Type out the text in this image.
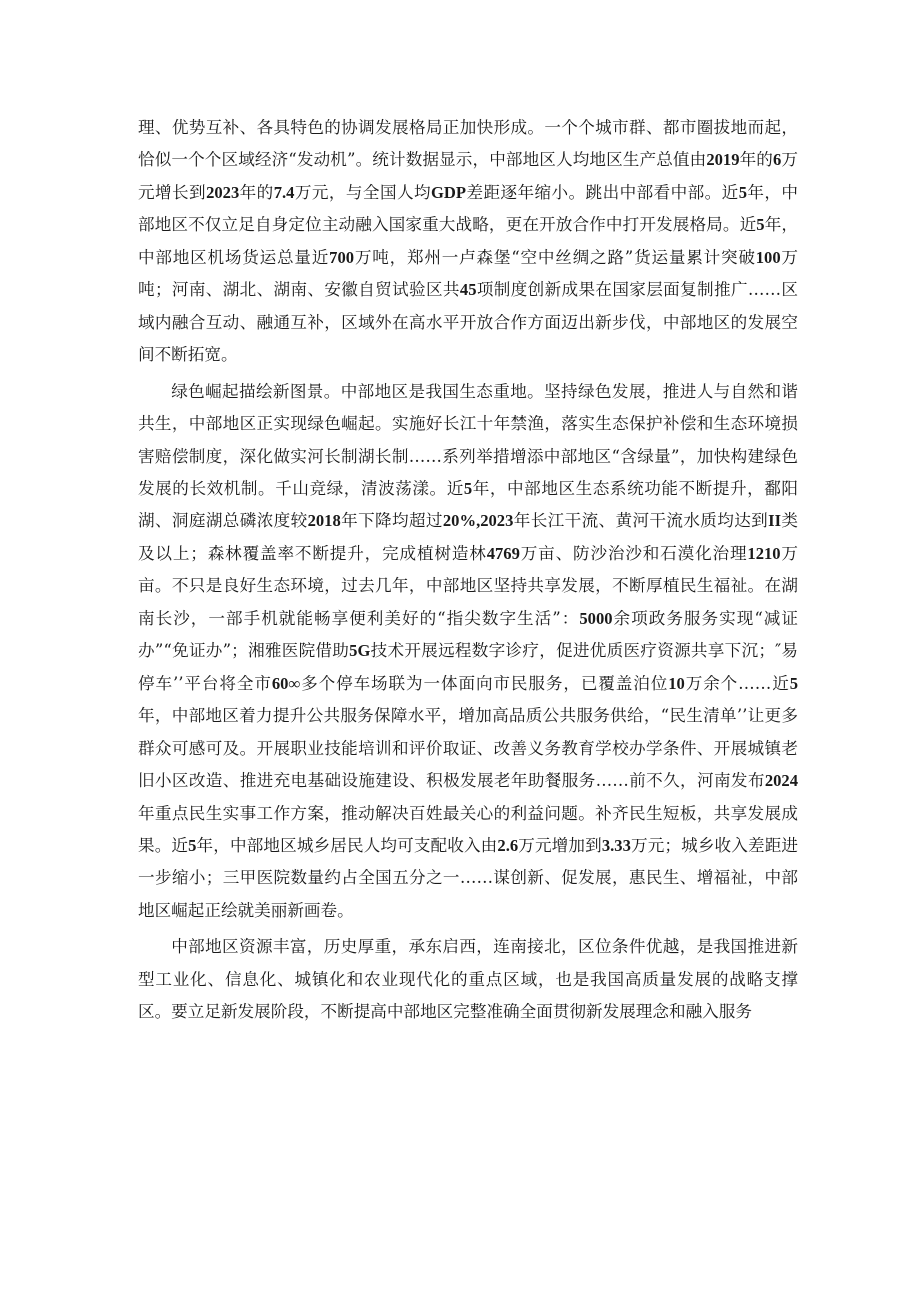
理、优势互补、各具特色的协调发展格局正加快形成。一个个城市群、都市圈拔地而起，恰似一个个区域经济“发动机”。统计数据显示，中部地区人均地区生产总值由2019年的6万元增长到2023年的7.4万元，与全国人均GDP差距逐年缩小。跳出中部看中部。近5年，中部地区不仅立足自身定位主动融入国家重大战略，更在开放合作中打开发展格局。近5年，中部地区机场货运总量近700万吨，郑州一卢森堡“空中丝绸之路”货运量累计突破100万吨；河南、湖北、湖南、安徽自贸试验区共45项制度创新成果在国家层面复制推广……区域内融合互动、融通互补，区域外在高水平开放合作方面迈出新步伐，中部地区的发展空间不断拓宽。

绿色崛起描绘新图景。中部地区是我国生态重地。坚持绿色发展，推进人与自然和谐共生，中部地区正实现绿色崛起。实施好长江十年禁渔，落实生态保护补偿和生态环境损害赔偿制度，深化做实河长制湖长制……系列举措增添中部地区“含绿量”，加快构建绿色发展的长效机制。千山竞绿，清波荡漾。近5年，中部地区生态系统功能不断提升，鄱阳湖、洞庭湖总磷浓度较2018年下降均超过20%,2023年长江干流、黄河干流水质均达到II类及以上；森林覆盖率不断提升，完成植树造林4769万亩、防沙治沙和石漠化治理1210万亩。不只是良好生态环境，过去几年，中部地区坚持共享发展，不断厚植民生福祉。在湖南长沙，一部手机就能畅享便利美好的“指尖数字生活”：5000余项政务服务实现“减证办”“免证办”；湘雅医院借助5G技术开展远程数字诊疗，促进优质医疗资源共享下沉；″易停车’’平台将全市60∞多个停车场联为一体面向市民服务，已覆盖泊位10万余个……近5年，中部地区着力提升公共服务保障水平，增加高品质公共服务供给，“民生清单’’让更多群众可感可及。开展职业技能培训和评价取证、改善义务教育学校办学条件、开展城镇老旧小区改造、推进充电基础设施建设、积极发展老年助餐服务……前不久，河南发布2024年重点民生实事工作方案，推动解决百姓最关心的利益问题。补齐民生短板，共享发展成果。近5年，中部地区城乡居民人均可支配收入由2.6万元增加到3.33万元；城乡收入差距进一步缩小；三甲医院数量约占全国五分之一……谋创新、促发展，惠民生、增福祉，中部地区崛起正绘就美丽新画卷。

中部地区资源丰富，历史厚重，承东启西，连南接北，区位条件优越，是我国推进新型工业化、信息化、城镇化和农业现代化的重点区域，也是我国高质量发展的战略支撑区。要立足新发展阶段，不断提高中部地区完整准确全面贯彻新发展理念和融入服务
